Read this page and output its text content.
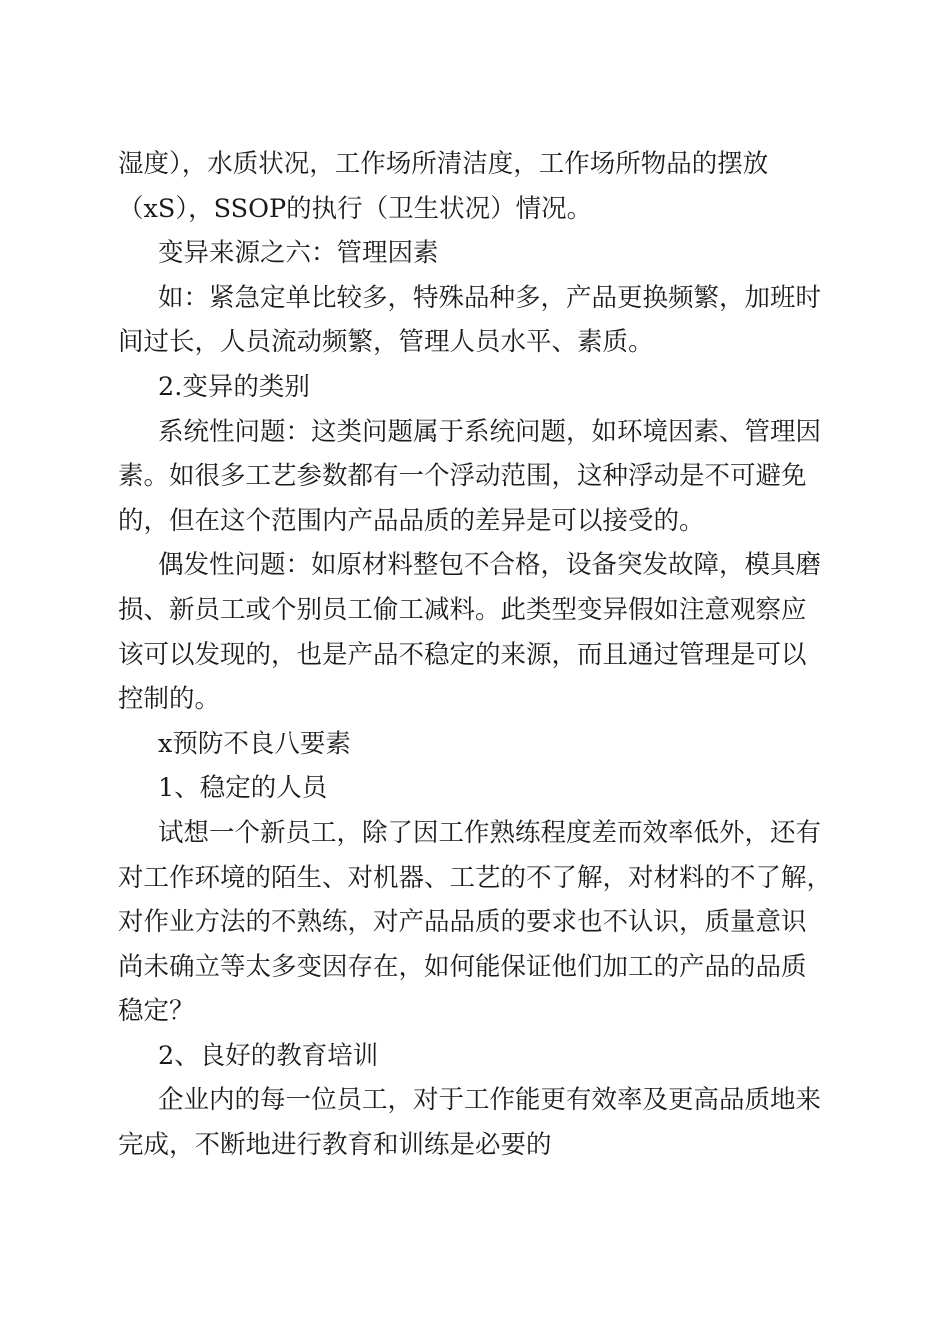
湿度），水质状况，工作场所清洁度，工作场所物品的摆放
（xS），SSOP的执行（卫生状况）情况。
变异来源之六：管理因素
如：紧急定单比较多，特殊品种多，产品更换频繁，加班时
间过长，人员流动频繁，管理人员水平、素质。
2.变异的类别
系统性问题：这类问题属于系统问题，如环境因素、管理因
素。如很多工艺参数都有一个浮动范围，这种浮动是不可避免
的，但在这个范围内产品品质的差异是可以接受的。
偶发性问题：如原材料整包不合格，设备突发故障，模具磨
损、新员工或个别员工偷工减料。此类型变异假如注意观察应
该可以发现的，也是产品不稳定的来源，而且通过管理是可以
控制的。
x预防不良八要素
1、稳定的人员
试想一个新员工，除了因工作熟练程度差而效率低外，还有
对工作环境的陌生、对机器、工艺的不了解，对材料的不了解，
对作业方法的不熟练，对产品品质的要求也不认识，质量意识
尚未确立等太多变因存在，如何能保证他们加工的产品的品质
稳定？
2、良好的教育培训
企业内的每一位员工，对于工作能更有效率及更高品质地来
完成，不断地进行教育和训练是必要的
